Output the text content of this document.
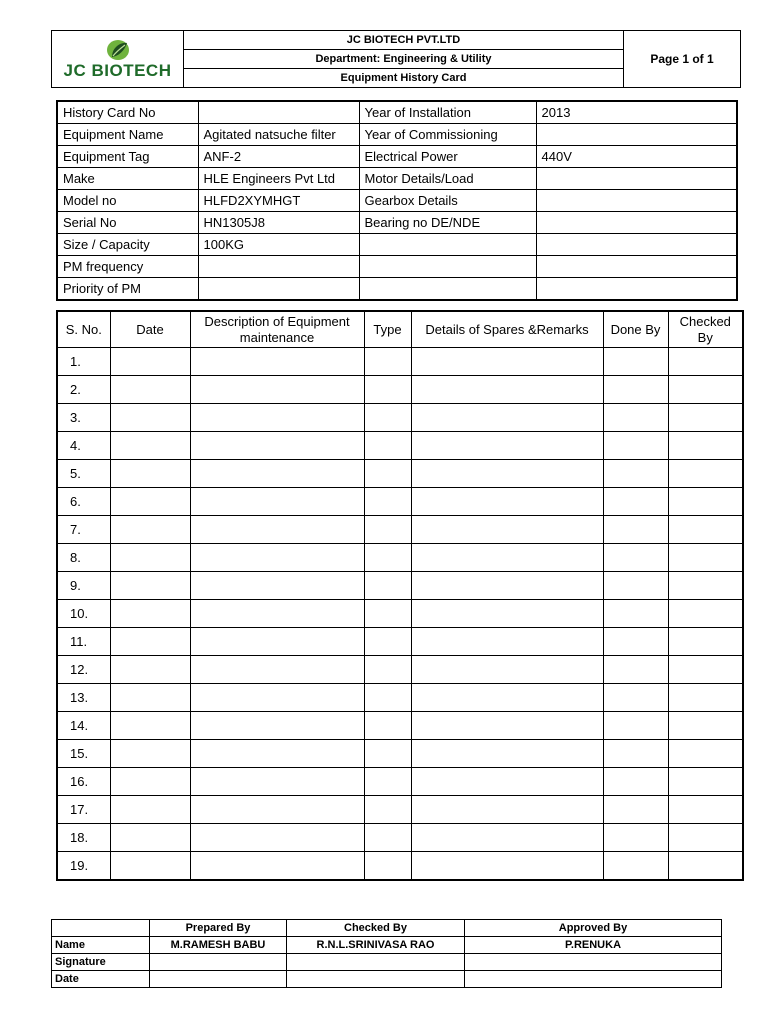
JC BIOTECH
	JC BIOTECH PVT.LTD	Page 1 of 1
Department: Engineering & Utility
Equipment History Card
History Card No		Year of Installation	2013
Equipment Name	Agitated natsuche filter	Year of Commissioning	
Equipment Tag	ANF-2	Electrical Power	440V
Make	HLE Engineers Pvt Ltd	Motor Details/Load	
Model no	HLFD2XYMHGT	Gearbox Details	
Serial No	HN1305J8	Bearing no DE/NDE	
Size / Capacity	100KG		
PM frequency			
Priority of PM			
S. No.	Date	Description of Equipment maintenance	Type	Details of Spares &Remarks	Done By	Checked By
1.						
2.						
3.						
4.						
5.						
6.						
7.						
8.						
9.						
10.						
11.						
12.						
13.						
14.						
15.						
16.						
17.						
18.						
19.						
	Prepared By	Checked By	Approved By
Name	M.RAMESH BABU	R.N.L.SRINIVASA RAO	P.RENUKA
Signature			
Date			
